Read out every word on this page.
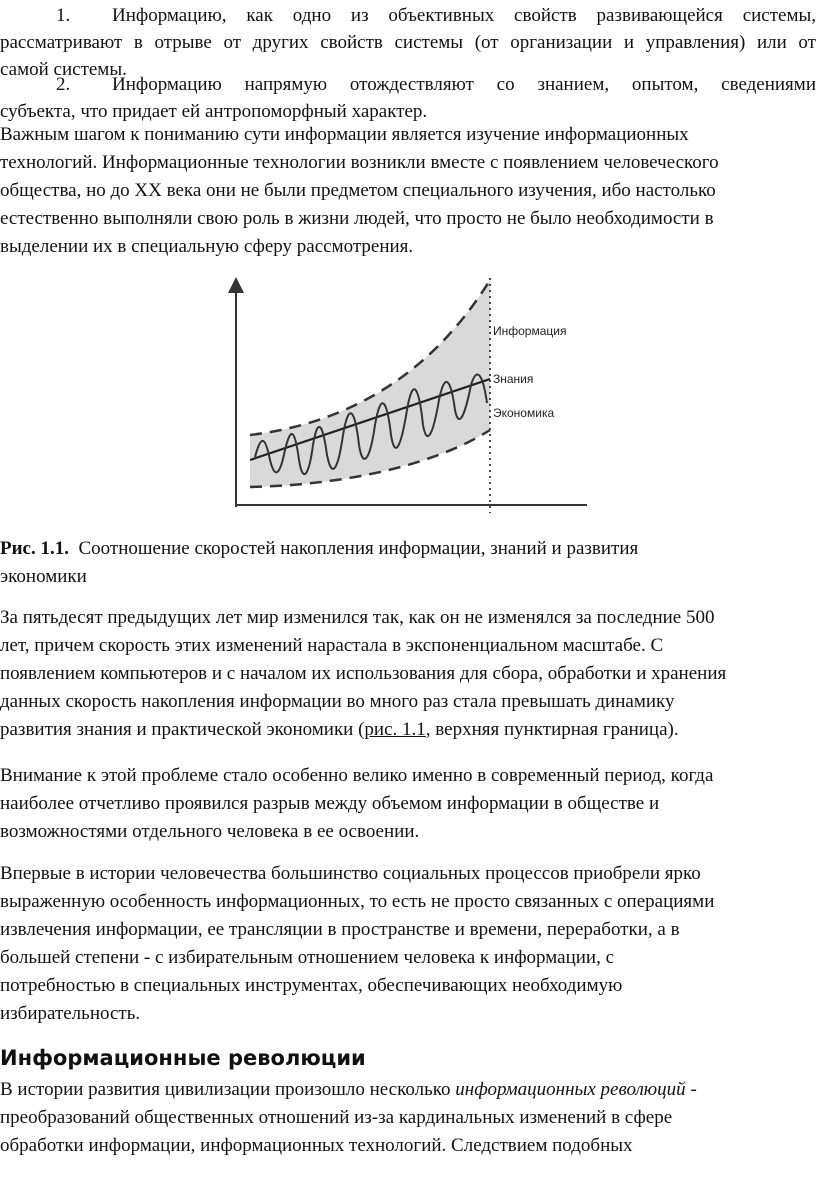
1. Информацию, как одно из объективных свойств развивающейся системы,
рассматривают в отрыве от других свойств системы (от организации и управления) или от
самой системы.
2. Информацию напрямую отождествляют со знанием, опытом, сведениями
субъекта, что придает ей антропоморфный характер.
Важным шагом к пониманию сути информации является изучение информационных
технологий. Информационные технологии возникли вместе с появлением человеческого
общества, но до XX века они не были предметом специального изучения, ибо настолько
естественно выполняли свою роль в жизни людей, что просто не было необходимости в
выделении их в специальную сферу рассмотрения.
Информация
Знания
Экономика
Рис. 1.1. Соотношение скоростей накопления информации, знаний и развития
экономики
За пятьдесят предыдущих лет мир изменился так, как он не изменялся за последние 500
лет, причем скорость этих изменений нарастала в экспоненциальном масштабе. С
появлением компьютеров и с началом их использования для сбора, обработки и хранения
данных скорость накопления информации во много раз стала превышать динамику
развития знания и практической экономики (рис. 1.1, верхняя пунктирная граница).
Внимание к этой проблеме стало особенно велико именно в современный период, когда
наиболее отчетливо проявился разрыв между объемом информации в обществе и
возможностями отдельного человека в ее освоении.
Впервые в истории человечества большинство социальных процессов приобрели ярко
выраженную особенность информационных, то есть не просто связанных с операциями
извлечения информации, ее трансляции в пространстве и времени, переработки, а в
большей степени - с избирательным отношением человека к информации, с
потребностью в специальных инструментах, обеспечивающих необходимую
избирательность.
Информационные революции
В истории развития цивилизации произошло несколько информационных революций -
преобразований общественных отношений из-за кардинальных изменений в сфере
обработки информации, информационных технологий. Следствием подобных
